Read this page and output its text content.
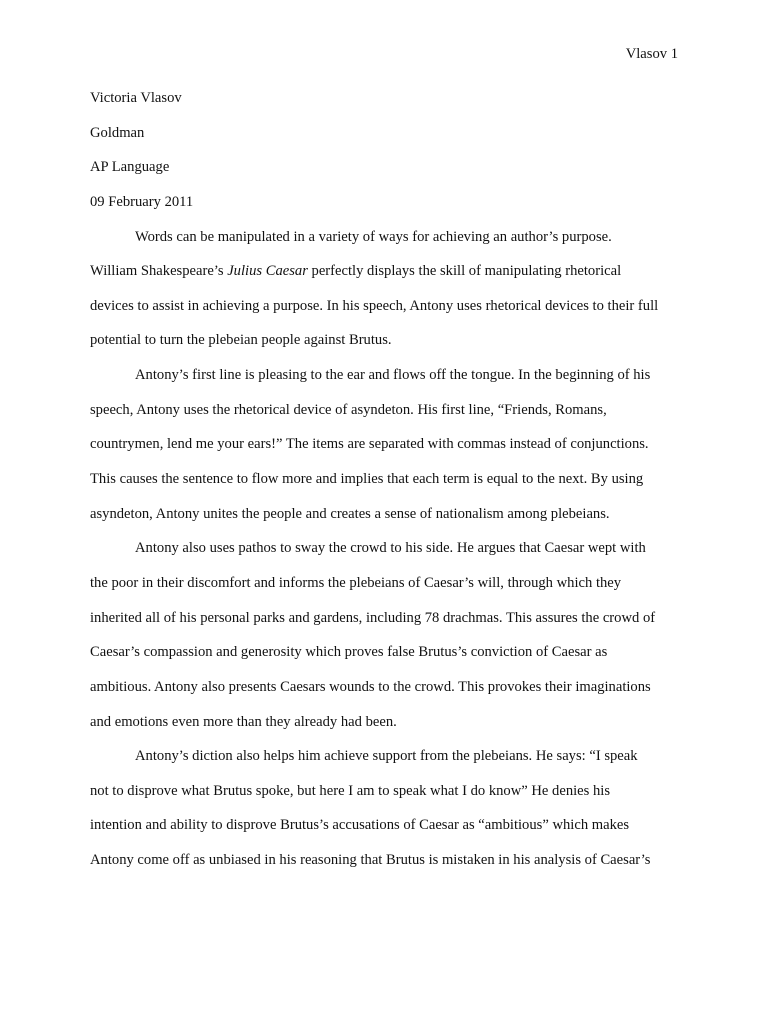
Vlasov 1
Victoria Vlasov
Goldman
AP Language
09 February 2011
Words can be manipulated in a variety of ways for achieving an author’s purpose.
William Shakespeare’s Julius Caesar perfectly displays the skill of manipulating rhetorical
devices to assist in achieving a purpose. In his speech, Antony uses rhetorical devices to their full
potential to turn the plebeian people against Brutus.
Antony’s first line is pleasing to the ear and flows off the tongue. In the beginning of his
speech, Antony uses the rhetorical device of asyndeton. His first line, “Friends, Romans,
countrymen, lend me your ears!” The items are separated with commas instead of conjunctions.
This causes the sentence to flow more and implies that each term is equal to the next. By using
asyndeton, Antony unites the people and creates a sense of nationalism among plebeians.
Antony also uses pathos to sway the crowd to his side. He argues that Caesar wept with
the poor in their discomfort and informs the plebeians of Caesar’s will, through which they
inherited all of his personal parks and gardens, including 78 drachmas. This assures the crowd of
Caesar’s compassion and generosity which proves false Brutus’s conviction of Caesar as
ambitious. Antony also presents Caesars wounds to the crowd. This provokes their imaginations
and emotions even more than they already had been.
Antony’s diction also helps him achieve support from the plebeians. He says: “I speak
not to disprove what Brutus spoke, but here I am to speak what I do know” He denies his
intention and ability to disprove Brutus’s accusations of Caesar as “ambitious” which makes
Antony come off as unbiased in his reasoning that Brutus is mistaken in his analysis of Caesar’s
